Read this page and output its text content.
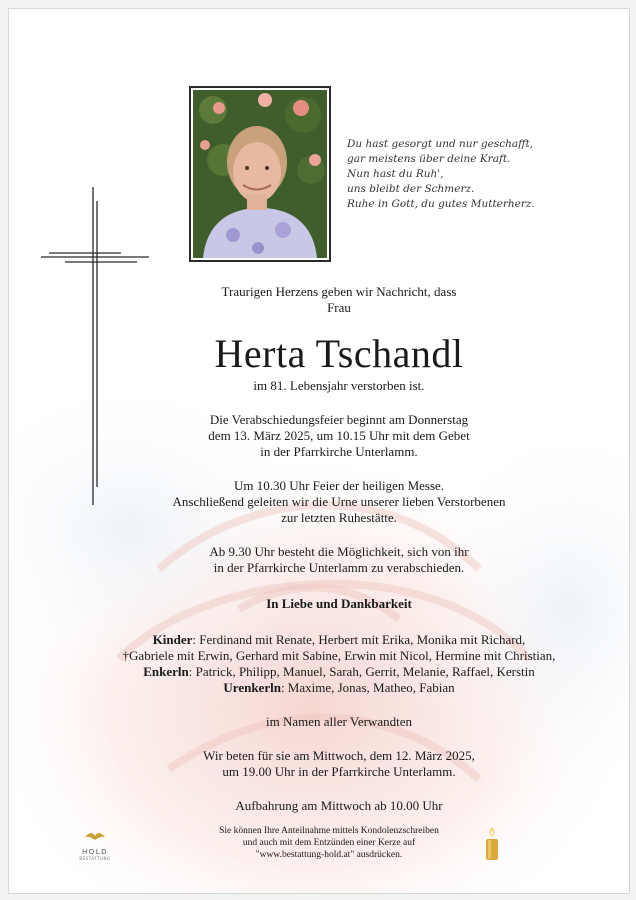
Du hast gesorgt und nur geschafft,
gar meistens über deine Kraft.
Nun hast du Ruh',
uns bleibt der Schmerz.
Ruhe in Gott, du gutes Mutterherz.

Traurigen Herzens geben wir Nachricht, dass

Frau

Herta Tschandl

im 81. Lebensjahr verstorben ist.

Die Verabschiedungsfeier beginnt am Donnerstag

dem 13. März 2025, um 10.15 Uhr mit dem Gebet

in der Pfarrkirche Unterlamm.

Um 10.30 Uhr Feier der heiligen Messe.

Anschließend geleiten wir die Urne unserer lieben Verstorbenen

zur letzten Ruhestätte.

Ab 9.30 Uhr besteht die Möglichkeit, sich von ihr

in der Pfarrkirche Unterlamm zu verabschieden.

In Liebe und Dankbarkeit

Kinder: Ferdinand mit Renate, Herbert mit Erika, Monika mit Richard,

†Gabriele mit Erwin, Gerhard mit Sabine, Erwin mit Nicol, Hermine mit Christian,

Enkerln: Patrick, Philipp, Manuel, Sarah, Gerrit, Melanie, Raffael, Kerstin

Urenkerln: Maxime, Jonas, Matheo, Fabian

im Namen aller Verwandten

Wir beten für sie am Mittwoch, dem 12. März 2025,

um 19.00 Uhr in der Pfarrkirche Unterlamm.

Aufbahrung am Mittwoch ab 10.00 Uhr

HOLD
BESTATTUNG
Sie können Ihre Anteilnahme mittels Kondolenzschreiben
und auch mit dem Entzünden einer Kerze auf
"www.bestattung-hold.at" ausdrücken.
